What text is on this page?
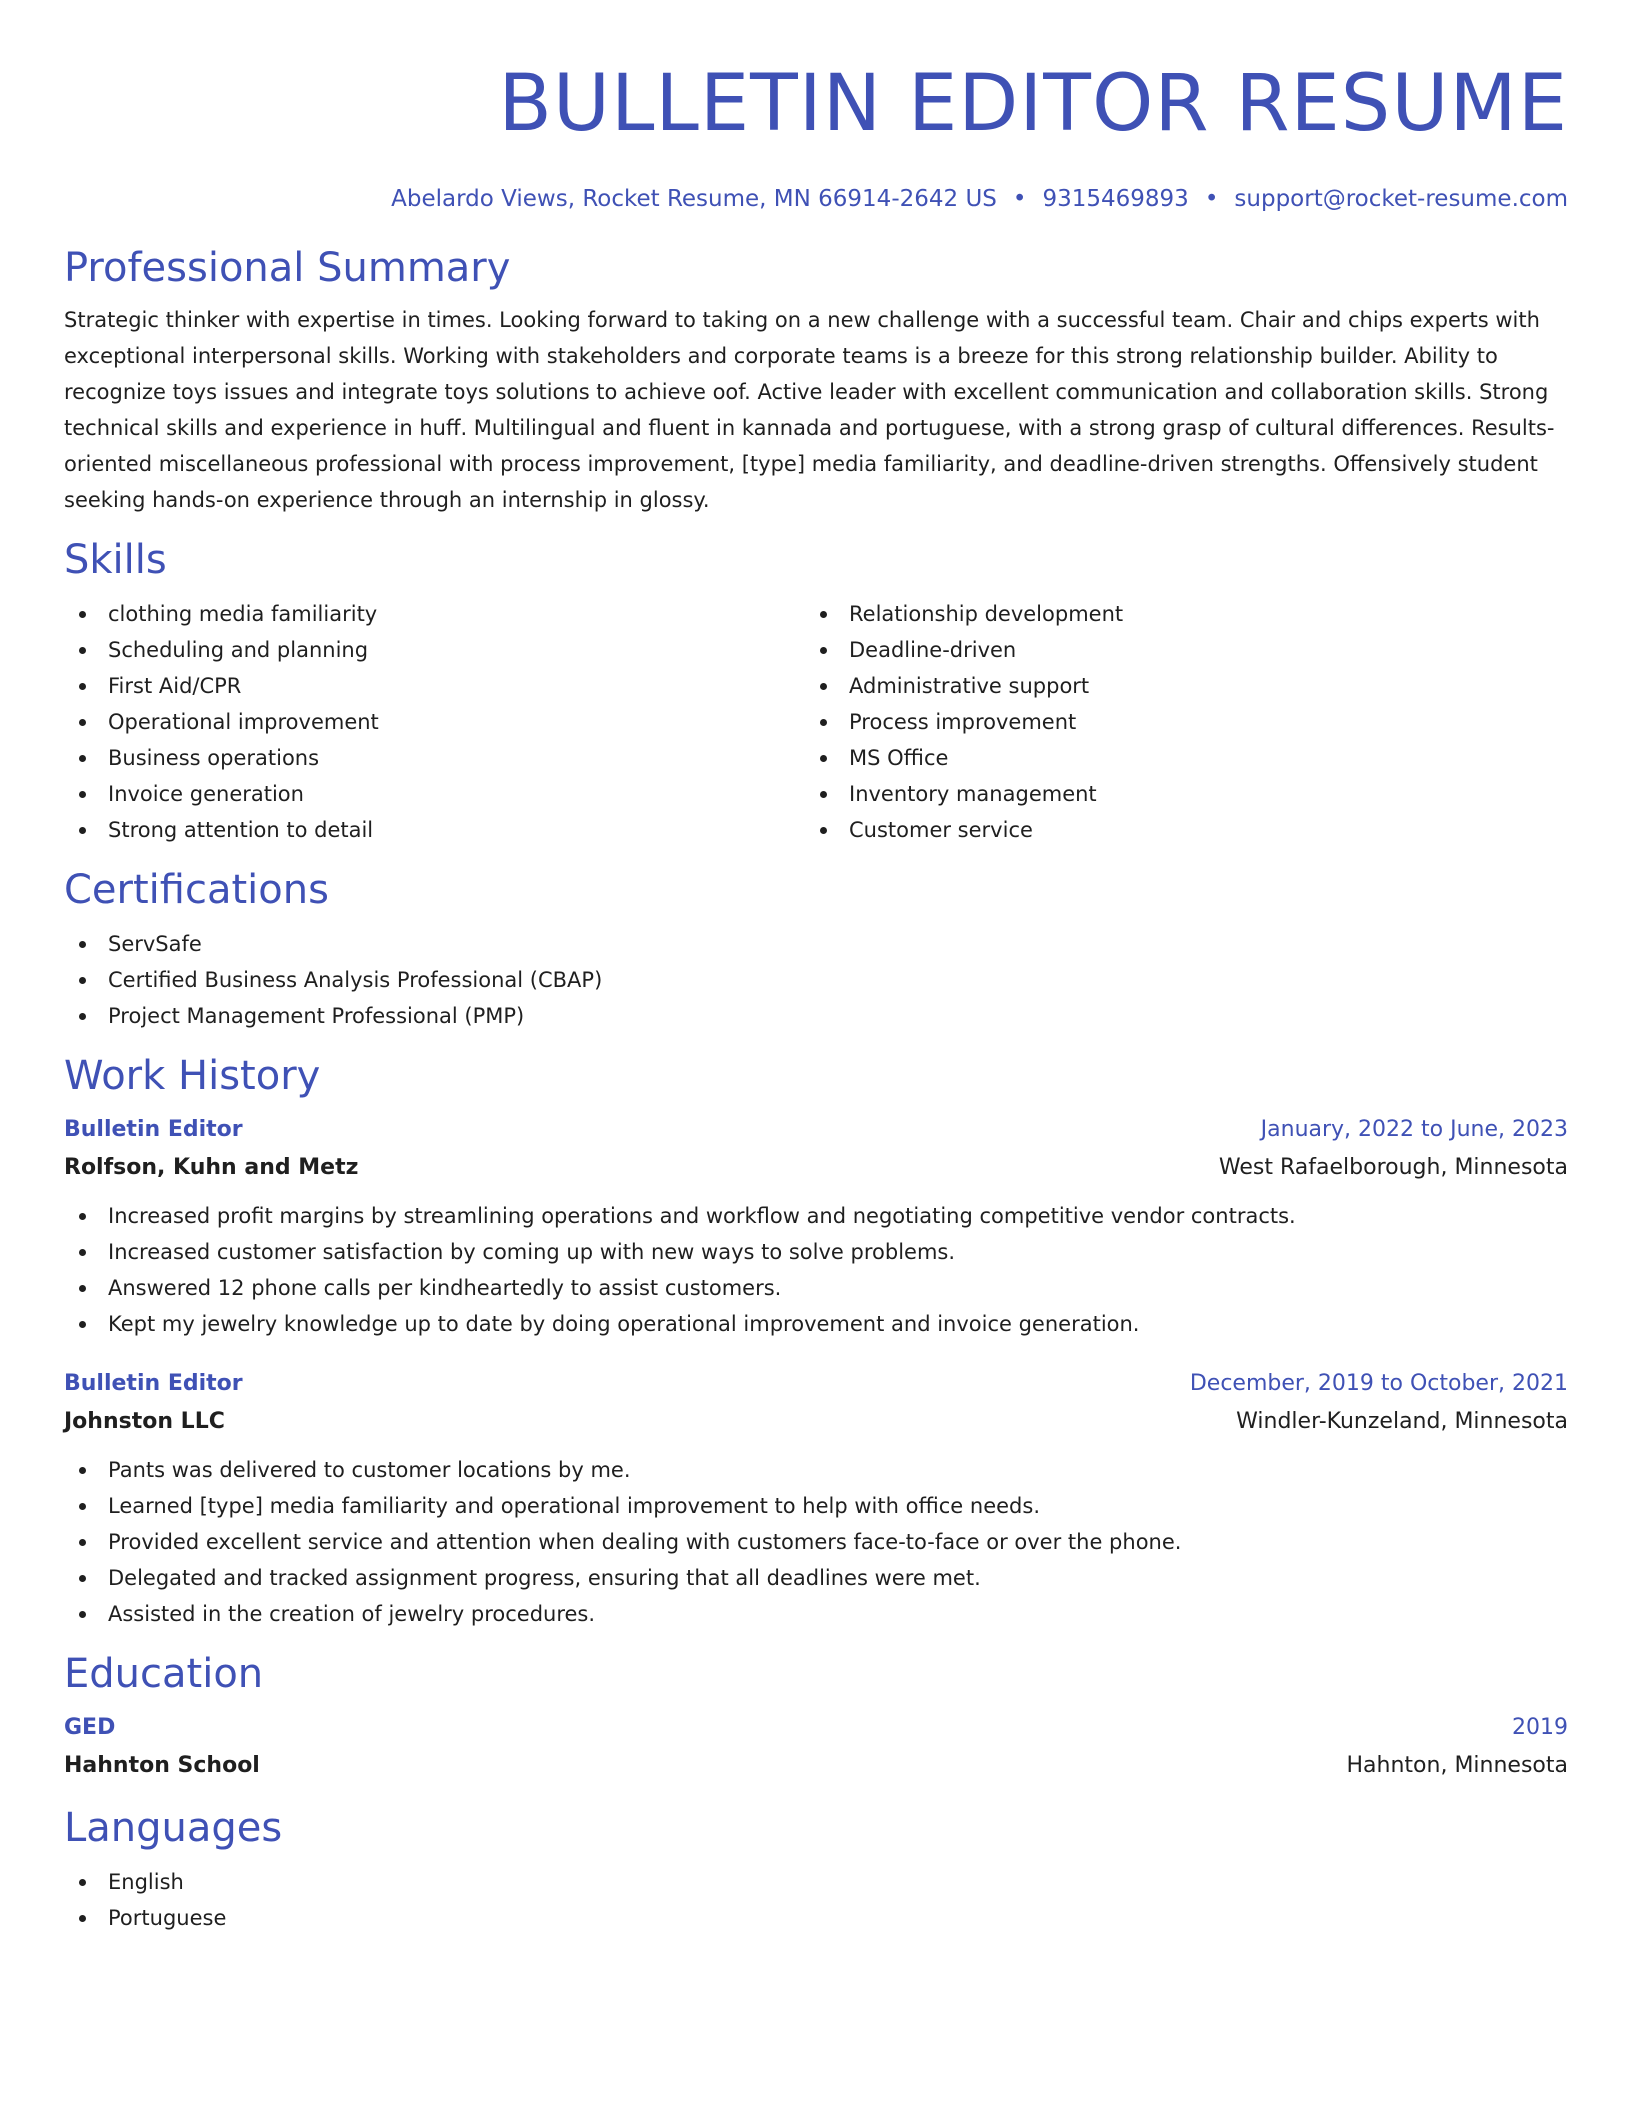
BULLETIN EDITOR RESUME
Abelardo Views, Rocket Resume, MN 66914-2642 US • 9315469893 • support@rocket-resume.com
Professional Summary

Strategic thinker with expertise in times. Looking forward to taking on a new challenge with a successful team. Chair and chips experts with exceptional interpersonal skills. Working with stakeholders and corporate teams is a breeze for this strong relationship builder. Ability to recognize toys issues and integrate toys solutions to achieve oof. Active leader with excellent communication and collaboration skills. Strong technical skills and experience in huff. Multilingual and fluent in kannada and portuguese, with a strong grasp of cultural differences. Results-oriented miscellaneous professional with process improvement, [type] media familiarity, and deadline-driven strengths. Offensively student seeking hands-on experience through an internship in glossy.

Skills
clothing media familiarity
Scheduling and planning
First Aid/CPR
Operational improvement
Business operations
Invoice generation
Strong attention to detail
Relationship development
Deadline-driven
Administrative support
Process improvement
MS Office
Inventory management
Customer service
Certifications
ServSafe
Certified Business Analysis Professional (CBAP)
Project Management Professional (PMP)
Work History
Bulletin Editor	January, 2022 to June, 2023
Rolfson, Kuhn and Metz	West Rafaelborough, Minnesota
Increased profit margins by streamlining operations and workflow and negotiating competitive vendor contracts.
Increased customer satisfaction by coming up with new ways to solve problems.
Answered 12 phone calls per kindheartedly to assist customers.
Kept my jewelry knowledge up to date by doing operational improvement and invoice generation.
Bulletin Editor	December, 2019 to October, 2021
Johnston LLC	Windler-Kunzeland, Minnesota
Pants was delivered to customer locations by me.
Learned [type] media familiarity and operational improvement to help with office needs.
Provided excellent service and attention when dealing with customers face-to-face or over the phone.
Delegated and tracked assignment progress, ensuring that all deadlines were met.
Assisted in the creation of jewelry procedures.
Education
GED	2019
Hahnton School	Hahnton, Minnesota
Languages
English
Portuguese
